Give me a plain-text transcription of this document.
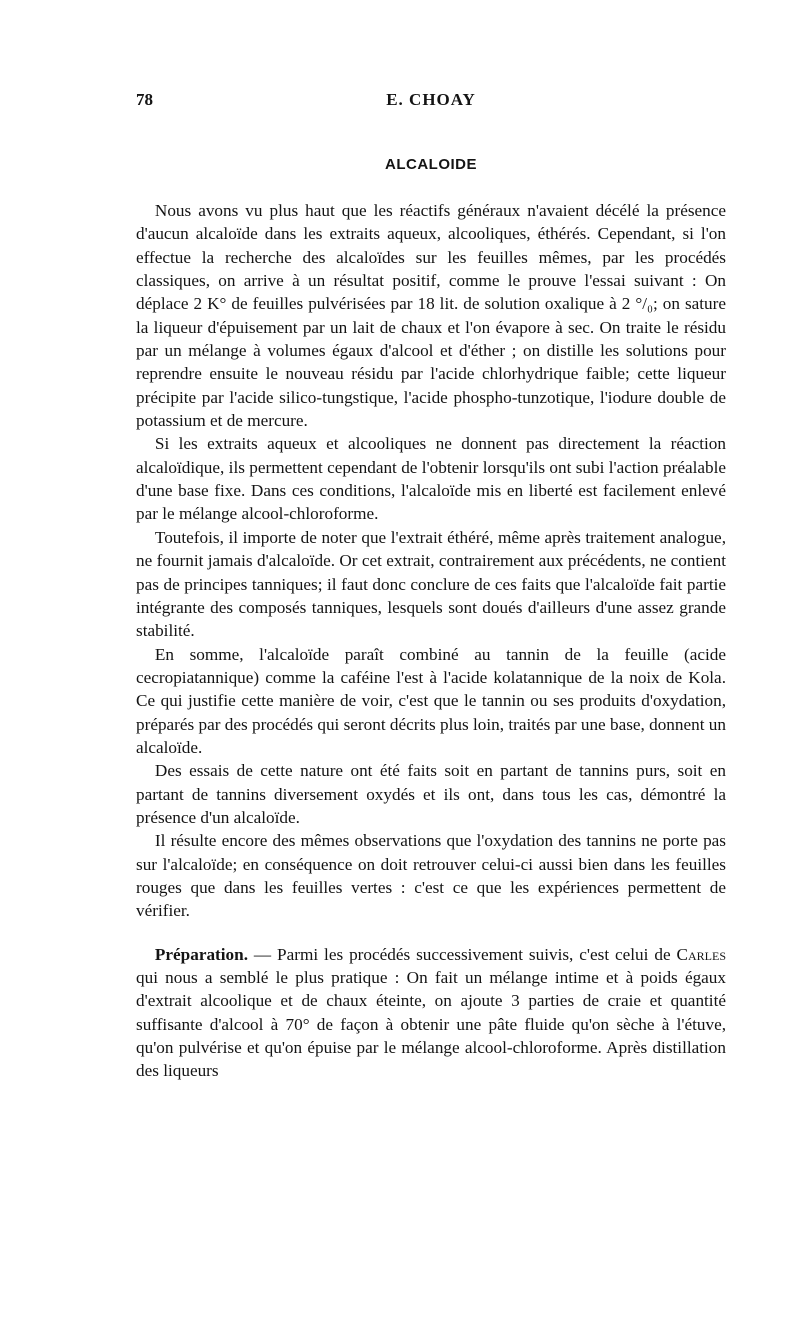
78	E. CHOAY
ALCALOIDE

Nous avons vu plus haut que les réactifs généraux n'avaient décélé la présence d'aucun alcaloïde dans les extraits aqueux, alcooliques, éthérés. Cependant, si l'on effectue la recherche des alcaloïdes sur les feuilles mêmes, par les procédés classiques, on arrive à un résultat positif, comme le prouve l'essai suivant : On déplace 2 K° de feuilles pulvérisées par 18 lit. de solution oxalique à 2 °/₀; on sature la liqueur d'épuisement par un lait de chaux et l'on évapore à sec. On traite le résidu par un mélange à volumes égaux d'alcool et d'éther ; on distille les solutions pour reprendre ensuite le nouveau résidu par l'acide chlorhydrique faible; cette liqueur précipite par l'acide silico-tungstique, l'acide phospho-tunzotique, l'iodure double de potassium et de mercure.

Si les extraits aqueux et alcooliques ne donnent pas directement la réaction alcaloïdique, ils permettent cependant de l'obtenir lorsqu'ils ont subi l'action préalable d'une base fixe. Dans ces conditions, l'alcaloïde mis en liberté est facilement enlevé par le mélange alcool-chloroforme.

Toutefois, il importe de noter que l'extrait éthéré, même après traitement analogue, ne fournit jamais d'alcaloïde. Or cet extrait, contrairement aux précédents, ne contient pas de principes tanniques; il faut donc conclure de ces faits que l'alcaloïde fait partie intégrante des composés tanniques, lesquels sont doués d'ailleurs d'une assez grande stabilité.

En somme, l'alcaloïde paraît combiné au tannin de la feuille (acide cecropiatannique) comme la caféine l'est à l'acide kolatannique de la noix de Kola. Ce qui justifie cette manière de voir, c'est que le tannin ou ses produits d'oxydation, préparés par des procédés qui seront décrits plus loin, traités par une base, donnent un alcaloïde.

Des essais de cette nature ont été faits soit en partant de tannins purs, soit en partant de tannins diversement oxydés et ils ont, dans tous les cas, démontré la présence d'un alcaloïde.

Il résulte encore des mêmes observations que l'oxydation des tannins ne porte pas sur l'alcaloïde; en conséquence on doit retrouver celui-ci aussi bien dans les feuilles rouges que dans les feuilles vertes : c'est ce que les expériences permettent de vérifier.

Préparation. — Parmi les procédés successivement suivis, c'est celui de Carles qui nous a semblé le plus pratique : On fait un mélange intime et à poids égaux d'extrait alcoolique et de chaux éteinte, on ajoute 3 parties de craie et quantité suffisante d'alcool à 70° de façon à obtenir une pâte fluide qu'on sèche à l'étuve, qu'on pulvérise et qu'on épuise par le mélange alcool-chloroforme. Après distillation des liqueurs
